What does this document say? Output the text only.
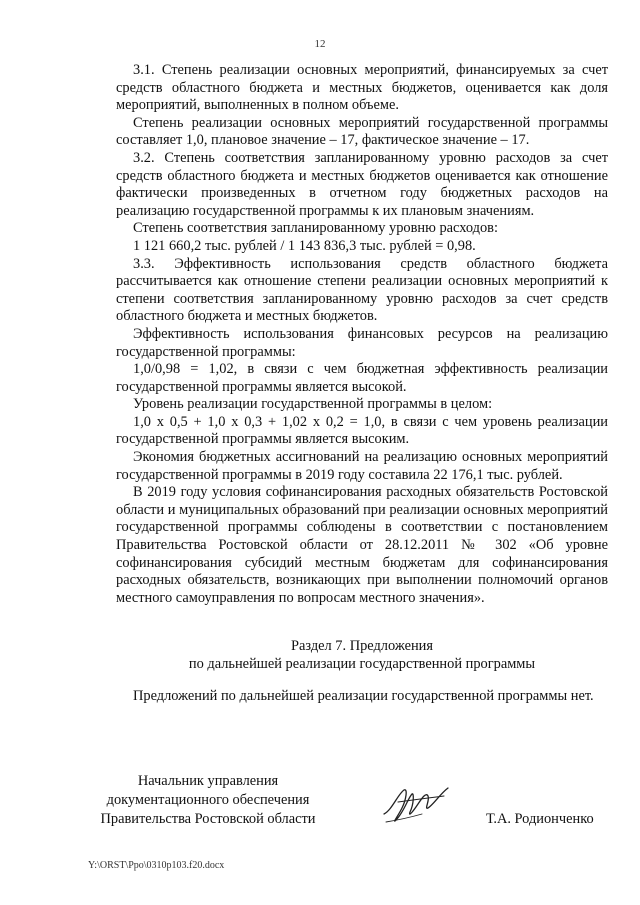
12

3.1. Степень реализации основных мероприятий, финансируемых за счет средств областного бюджета и местных бюджетов, оценивается как доля мероприятий, выполненных в полном объеме.

Степень реализации основных мероприятий государственной программы составляет 1,0, плановое значение – 17, фактическое значение – 17.

3.2. Степень соответствия запланированному уровню расходов за счет средств областного бюджета и местных бюджетов оценивается как отношение фактически произведенных в отчетном году бюджетных расходов на реализацию государственной программы к их плановым значениям.

Степень соответствия запланированному уровню расходов:

1 121 660,2 тыс. рублей / 1 143 836,3 тыс. рублей = 0,98.

3.3. Эффективность использования средств областного бюджета рассчитывается как отношение степени реализации основных мероприятий к степени соответствия запланированному уровню расходов за счет средств областного бюджета и местных бюджетов.

Эффективность использования финансовых ресурсов на реализацию государственной программы:

1,0/0,98 = 1,02, в связи с чем бюджетная эффективность реализации государственной программы является высокой.

Уровень реализации государственной программы в целом:

1,0 х 0,5 + 1,0 х 0,3 + 1,02 х 0,2 = 1,0, в связи с чем уровень реализации государственной программы является высоким.

Экономия бюджетных ассигнований на реализацию основных мероприятий государственной программы в 2019 году составила 22 176,1 тыс. рублей.

В 2019 году условия софинансирования расходных обязательств Ростовской области и муниципальных образований при реализации основных мероприятий государственной программы соблюдены в соответствии с постановлением Правительства Ростовской области от 28.12.2011 № 302 «Об уровне софинансирования субсидий местным бюджетам для софинансирования расходных обязательств, возникающих при выполнении полномочий органов местного самоуправления по вопросам местного значения».

Раздел 7. Предложения
по дальнейшей реализации государственной программы

Предложений по дальнейшей реализации государственной программы нет.

Начальник управления
документационного обеспечения
Правительства Ростовской области	Т.А. Родионченко
Y:\ORST\Ppo\0310p103.f20.docx
